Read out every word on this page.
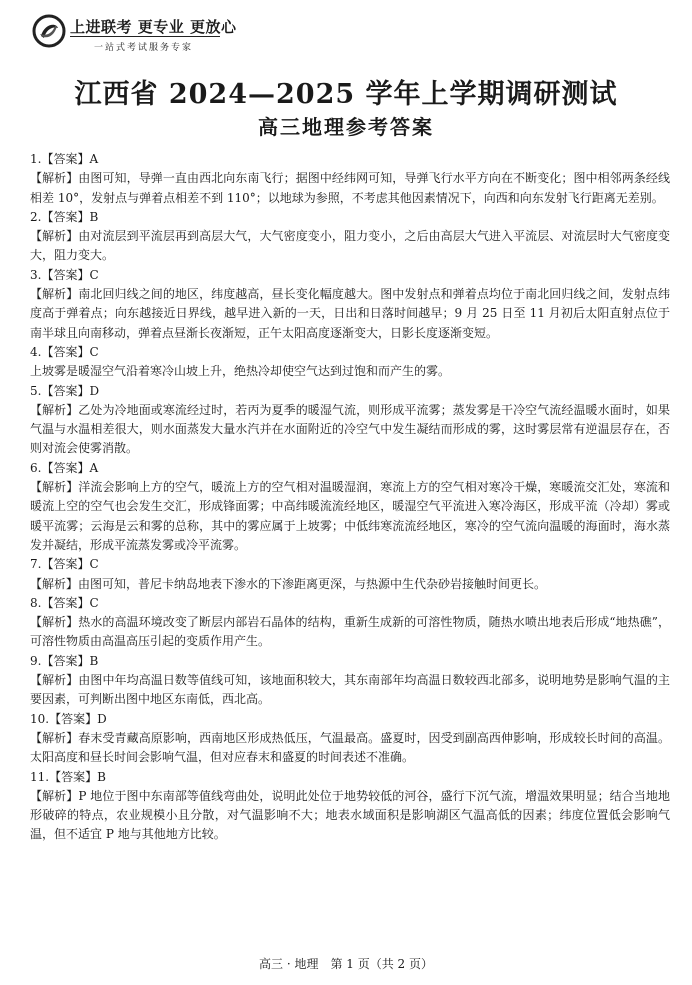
上进联考 更专业 更放心
一站式考试服务专家
江西省 2024—2025 学年上学期调研测试
高三地理参考答案
1.【答案】A
【解析】由图可知，导弹一直由西北向东南飞行；据图中经纬网可知，导弹飞行水平方向在不断变化；图中相邻两条经线相差 10°，发射点与弹着点相差不到 110°；以地球为参照，不考虑其他因素情况下，向西和向东发射飞行距离无差别。
2.【答案】B
【解析】由对流层到平流层再到高层大气，大气密度变小，阻力变小，之后由高层大气进入平流层、对流层时大气密度变大，阻力变大。
3.【答案】C
【解析】南北回归线之间的地区，纬度越高，昼长变化幅度越大。图中发射点和弹着点均位于南北回归线之间，发射点纬度高于弹着点；向东越接近日界线，越早进入新的一天，日出和日落时间越早；9 月 25 日至 11 月初后太阳直射点位于南半球且向南移动，弹着点昼渐长夜渐短，正午太阳高度逐渐变大，日影长度逐渐变短。
4.【答案】C
上坡雾是暖湿空气沿着寒冷山坡上升，绝热冷却使空气达到过饱和而产生的雾。
5.【答案】D
【解析】乙处为冷地面或寒流经过时，若丙为夏季的暖湿气流，则形成平流雾；蒸发雾是干冷空气流经温暖水面时，如果气温与水温相差很大，则水面蒸发大量水汽并在水面附近的冷空气中发生凝结而形成的雾，这时雾层常有逆温层存在，否则对流会使雾消散。
6.【答案】A
【解析】洋流会影响上方的空气，暖流上方的空气相对温暖湿润，寒流上方的空气相对寒冷干燥，寒暖流交汇处，寒流和暖流上空的空气也会发生交汇，形成锋面雾；中高纬暖流流经地区，暖湿空气平流进入寒冷海区，形成平流（冷却）雾或暖平流雾；云海是云和雾的总称，其中的雾应属于上坡雾；中低纬寒流流经地区，寒冷的空气流向温暖的海面时，海水蒸发并凝结，形成平流蒸发雾或冷平流雾。
7.【答案】C
【解析】由图可知，普尼卡纳岛地表下渗水的下渗距离更深，与热源中生代杂砂岩接触时间更长。
8.【答案】C
【解析】热水的高温环境改变了断层内部岩石晶体的结构，重新生成新的可溶性物质，随热水喷出地表后形成“地热礁”，可溶性物质由高温高压引起的变质作用产生。
9.【答案】B
【解析】由图中年均高温日数等值线可知，该地面积较大，其东南部年均高温日数较西北部多，说明地势是影响气温的主要因素，可判断出图中地区东南低，西北高。
10.【答案】D
【解析】春末受青藏高原影响，西南地区形成热低压，气温最高。盛夏时，因受到副高西伸影响，形成较长时间的高温。太阳高度和昼长时间会影响气温，但对应春末和盛夏的时间表述不准确。
11.【答案】B
【解析】P 地位于图中东南部等值线弯曲处，说明此处位于地势较低的河谷，盛行下沉气流，增温效果明显；结合当地地形破碎的特点，农业规模小且分散，对气温影响不大；地表水域面积是影响湖区气温高低的因素；纬度位置低会影响气温，但不适宜 P 地与其他地方比较。
高三 · 地理　第 1 页（共 2 页）
